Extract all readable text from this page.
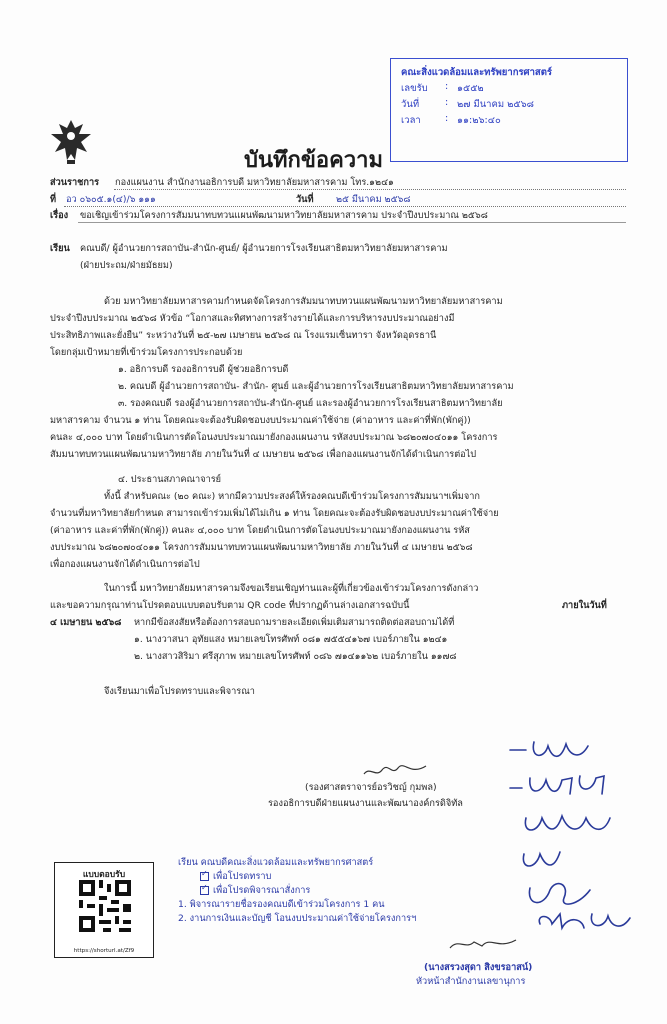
คณะสิ่งแวดล้อมและทรัพยากรศาสตร์
เลขรับ : ๑๕๕๒
วันที่	: ๒๗ มีนาคม ๒๕๖๘
เวลา	: ๑๑:๒๖:๔๐
บันทึกข้อความ
ส่วนราชการ กองแผนงาน สำนักงานอธิการบดี มหาวิทยาลัยมหาสารคาม โทร.๑๒๔๑
ที่ อว ๐๖๐๕.๑(๔)/๖ ๑๑๑	วันที่ ๒๕ มีนาคม ๒๕๖๘
เรื่อง ขอเชิญเข้าร่วมโครงการสัมมนาทบทวนแผนพัฒนามหาวิทยาลัยมหาสารคาม ประจำปีงบประมาณ ๒๕๖๘
เรียน คณบดี/ ผู้อำนวยการสถาบัน-สำนัก-ศูนย์/ ผู้อำนวยการโรงเรียนสาธิตมหาวิทยาลัยมหาสารคาม
(ฝ่ายประถม/ฝ่ายมัธยม)
ด้วย มหาวิทยาลัยมหาสารคามกำหนดจัดโครงการสัมมนาทบทวนแผนพัฒนามหาวิทยาลัยมหาสารคาม
ประจำปีงบประมาณ ๒๕๖๘ หัวข้อ “โอกาสและทิศทางการสร้างรายได้และการบริหารงบประมาณอย่างมี
ประสิทธิภาพและยั่งยืน” ระหว่างวันที่ ๒๕-๒๗ เมษายน ๒๕๖๘ ณ โรงแรมเซ็นทารา จังหวัดอุดรธานี
โดยกลุ่มเป้าหมายที่เข้าร่วมโครงการประกอบด้วย
๑. อธิการบดี รองอธิการบดี ผู้ช่วยอธิการบดี
๒. คณบดี ผู้อำนวยการสถาบัน- สำนัก- ศูนย์ และผู้อำนวยการโรงเรียนสาธิตมหาวิทยาลัยมหาสารคาม
๓. รองคณบดี รองผู้อำนวยการสถาบัน-สำนัก-ศูนย์ และรองผู้อำนวยการโรงเรียนสาธิตมหาวิทยาลัย
มหาสารคาม จำนวน ๑ ท่าน โดยคณะจะต้องรับผิดชอบงบประมาณค่าใช้จ่าย (ค่าอาหาร และค่าที่พัก(พักคู่))
คนละ ๔,๐๐๐ บาท โดยดำเนินการตัดโอนงบประมาณมายังกองแผนงาน รหัสงบประมาณ ๖๘๒๐๗๐๔๐๑๑ โครงการ
สัมมนาทบทวนแผนพัฒนามหาวิทยาลัย ภายในวันที่ ๔ เมษายน ๒๕๖๘ เพื่อกองแผนงานจักได้ดำเนินการต่อไป
๔. ประธานสภาคณาจารย์
ทั้งนี้ สำหรับคณะ (๒๐ คณะ) หากมีความประสงค์ให้รองคณบดีเข้าร่วมโครงการสัมมนาฯเพิ่มจาก
จำนวนที่มหาวิทยาลัยกำหนด สามารถเข้าร่วมเพิ่มได้ไม่เกิน ๑ ท่าน โดยคณะจะต้องรับผิดชอบงบประมาณค่าใช้จ่าย
(ค่าอาหาร และค่าที่พัก(พักคู่)) คนละ ๔,๐๐๐ บาท โดยดำเนินการตัดโอนงบประมาณมายังกองแผนงาน รหัส
งบประมาณ ๖๘๒๐๗๐๔๐๑๑ โครงการสัมมนาทบทวนแผนพัฒนามหาวิทยาลัย ภายในวันที่ ๔ เมษายน ๒๕๖๘
เพื่อกองแผนงานจักได้ดำเนินการต่อไป
ในการนี้ มหาวิทยาลัยมหาสารคามจึงขอเรียนเชิญท่านและผู้ที่เกี่ยวข้องเข้าร่วมโครงการดังกล่าว
และขอความกรุณาท่านโปรดตอบแบบตอบรับตาม QR code ที่ปรากฏด้านล่างเอกสารฉบับนี้	ภายในวันที่
๔ เมษายน ๒๕๖๘ หากมีข้อสงสัยหรือต้องการสอบถามรายละเอียดเพิ่มเติมสามารถติดต่อสอบถามได้ที่
๑. นางวาสนา อุทัยแสง หมายเลขโทรศัพท์ ๐๘๑ ๗๕๕๔๑๖๗ เบอร์ภายใน ๑๒๔๑
๒. นางสาวสิริมา ศรีสุภาพ หมายเลขโทรศัพท์ ๐๘๖ ๗๑๔๑๑๖๒ เบอร์ภายใน ๑๑๗๘
จึงเรียนมาเพื่อโปรดทราบและพิจารณา
(รองศาสตราจารย์อรวิชญ์ กุมพล)
รองอธิการบดีฝ่ายแผนงานและพัฒนาองค์กรดิจิทัล
แบบตอบรับ
https://shorturl.at/Zf9
เรียน คณบดีคณะสิ่งแวดล้อมและทรัพยากรศาสตร์
✓เพื่อโปรดทราบ
✓เพื่อโปรดพิจารณาสั่งการ
1. พิจารณารายชื่อรองคณบดีเข้าร่วมโครงการ 1 คน
2. งานการเงินและบัญชี โอนงบประมาณค่าใช้จ่ายโครงการฯ
(นางสรวงสุดา สิงขรอาสน์)
หัวหน้าสำนักงานเลขานุการ
